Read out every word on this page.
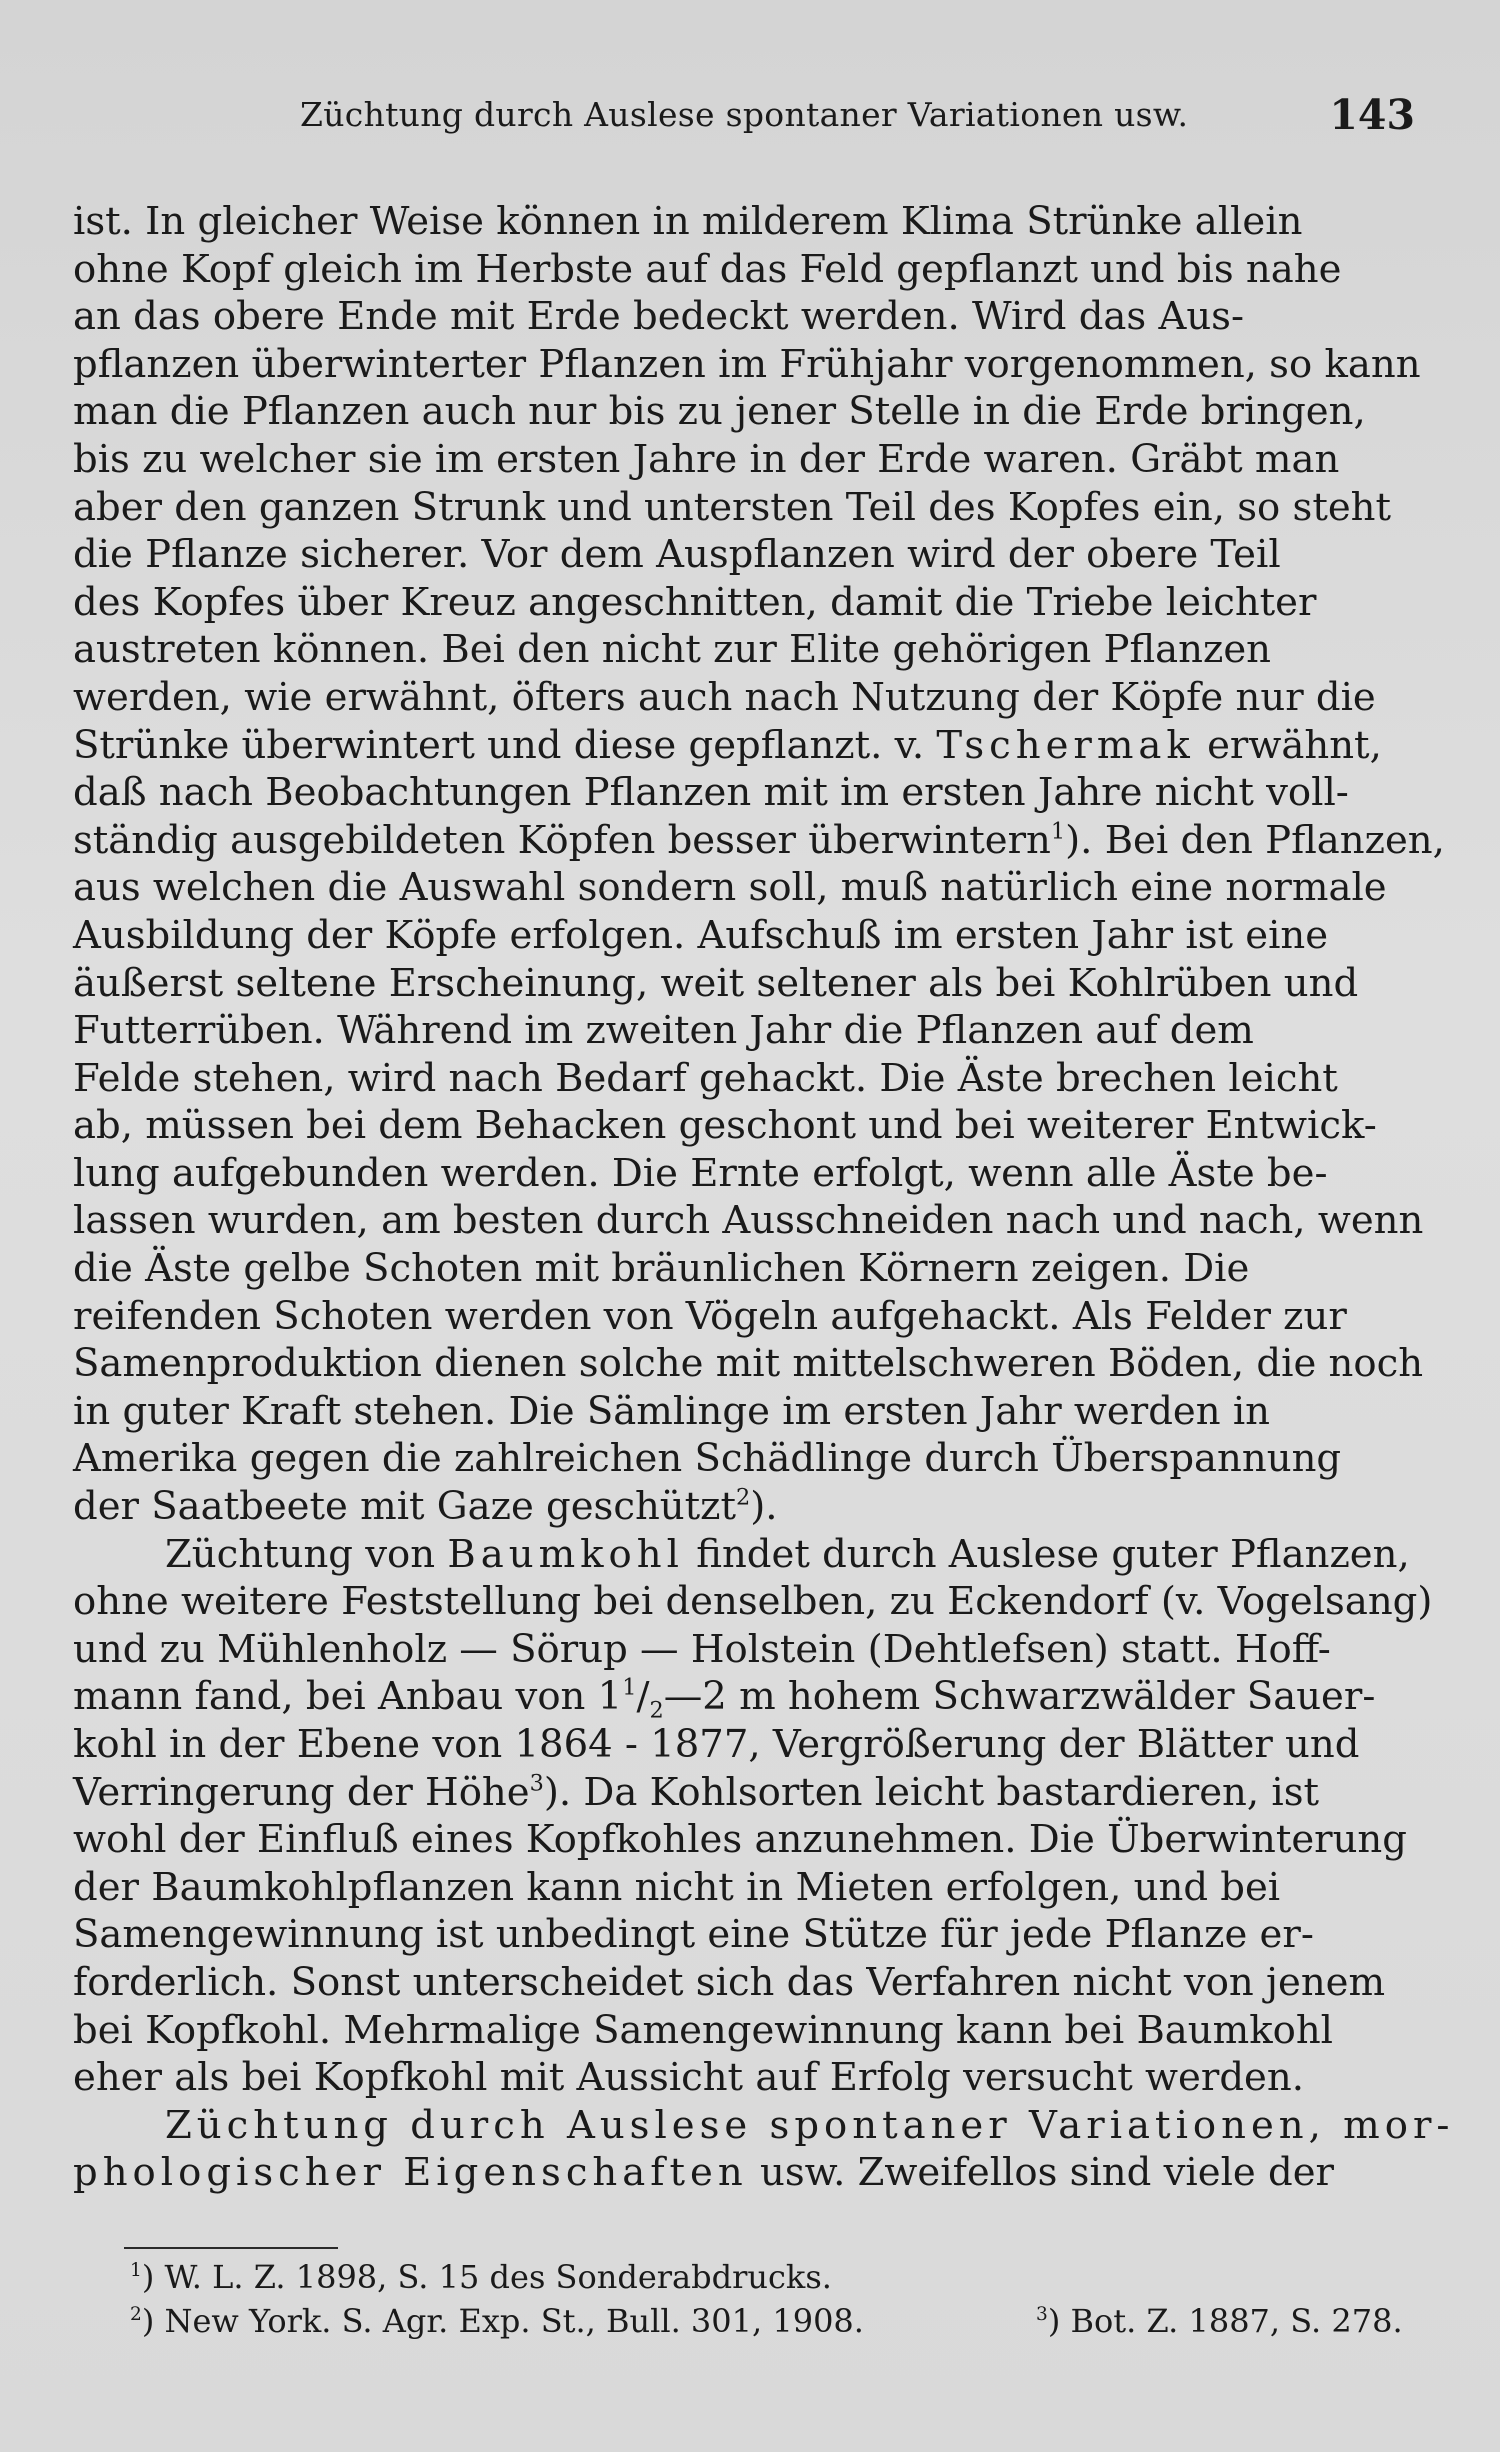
Züchtung durch Auslese spontaner Variationen usw.	143
ist. In gleicher Weise können in milderem Klima Strünke allein
ohne Kopf gleich im Herbste auf das Feld gepflanzt und bis nahe
an das obere Ende mit Erde bedeckt werden. Wird das Aus-
pflanzen überwinterter Pflanzen im Frühjahr vorgenommen, so kann
man die Pflanzen auch nur bis zu jener Stelle in die Erde bringen,
bis zu welcher sie im ersten Jahre in der Erde waren. Gräbt man
aber den ganzen Strunk und untersten Teil des Kopfes ein, so steht
die Pflanze sicherer. Vor dem Auspflanzen wird der obere Teil
des Kopfes über Kreuz angeschnitten, damit die Triebe leichter
austreten können. Bei den nicht zur Elite gehörigen Pflanzen
werden, wie erwähnt, öfters auch nach Nutzung der Köpfe nur die
Strünke überwintert und diese gepflanzt. v. Tschermak erwähnt,
daß nach Beobachtungen Pflanzen mit im ersten Jahre nicht voll-
ständig ausgebildeten Köpfen besser überwintern$^1$). Bei den Pflanzen,
aus welchen die Auswahl sondern soll, muß natürlich eine normale
Ausbildung der Köpfe erfolgen. Aufschuß im ersten Jahr ist eine
äußerst seltene Erscheinung, weit seltener als bei Kohlrüben und
Futterrüben. Während im zweiten Jahr die Pflanzen auf dem
Felde stehen, wird nach Bedarf gehackt. Die Äste brechen leicht
ab, müssen bei dem Behacken geschont und bei weiterer Entwick-
lung aufgebunden werden. Die Ernte erfolgt, wenn alle Äste be-
lassen wurden, am besten durch Ausschneiden nach und nach, wenn
die Äste gelbe Schoten mit bräunlichen Körnern zeigen. Die
reifenden Schoten werden von Vögeln aufgehackt. Als Felder zur
Samenproduktion dienen solche mit mittelschweren Böden, die noch
in guter Kraft stehen. Die Sämlinge im ersten Jahr werden in
Amerika gegen die zahlreichen Schädlinge durch Überspannung
der Saatbeete mit Gaze geschützt$^2$).
Züchtung von Baumkohl findet durch Auslese guter Pflanzen,
ohne weitere Feststellung bei denselben, zu Eckendorf (v. Vogelsang)
und zu Mühlenholz — Sörup — Holstein (Dehtlefsen) statt. Hoff-
mann fand, bei Anbau von $1^1/_2—2$ m hohem Schwarzwälder Sauer-
kohl in der Ebene von 1864 - 1877, Vergrößerung der Blätter und
Verringerung der Höhe$^3$). Da Kohlsorten leicht bastardieren, ist
wohl der Einfluß eines Kopfkohles anzunehmen. Die Überwinterung
der Baumkohlpflanzen kann nicht in Mieten erfolgen, und bei
Samengewinnung ist unbedingt eine Stütze für jede Pflanze er-
forderlich. Sonst unterscheidet sich das Verfahren nicht von jenem
bei Kopfkohl. Mehrmalige Samengewinnung kann bei Baumkohl
eher als bei Kopfkohl mit Aussicht auf Erfolg versucht werden.
Züchtung durch Auslese spontaner Variationen, mor-
phologischer Eigenschaften usw. Zweifellos sind viele der
$^1$) W. L. Z. 1898, S. 15 des Sonderabdrucks.
$^2$) New York. S. Agr. Exp. St., Bull. 301, 1908.	$^3$) Bot. Z. 1887, S. 278.
